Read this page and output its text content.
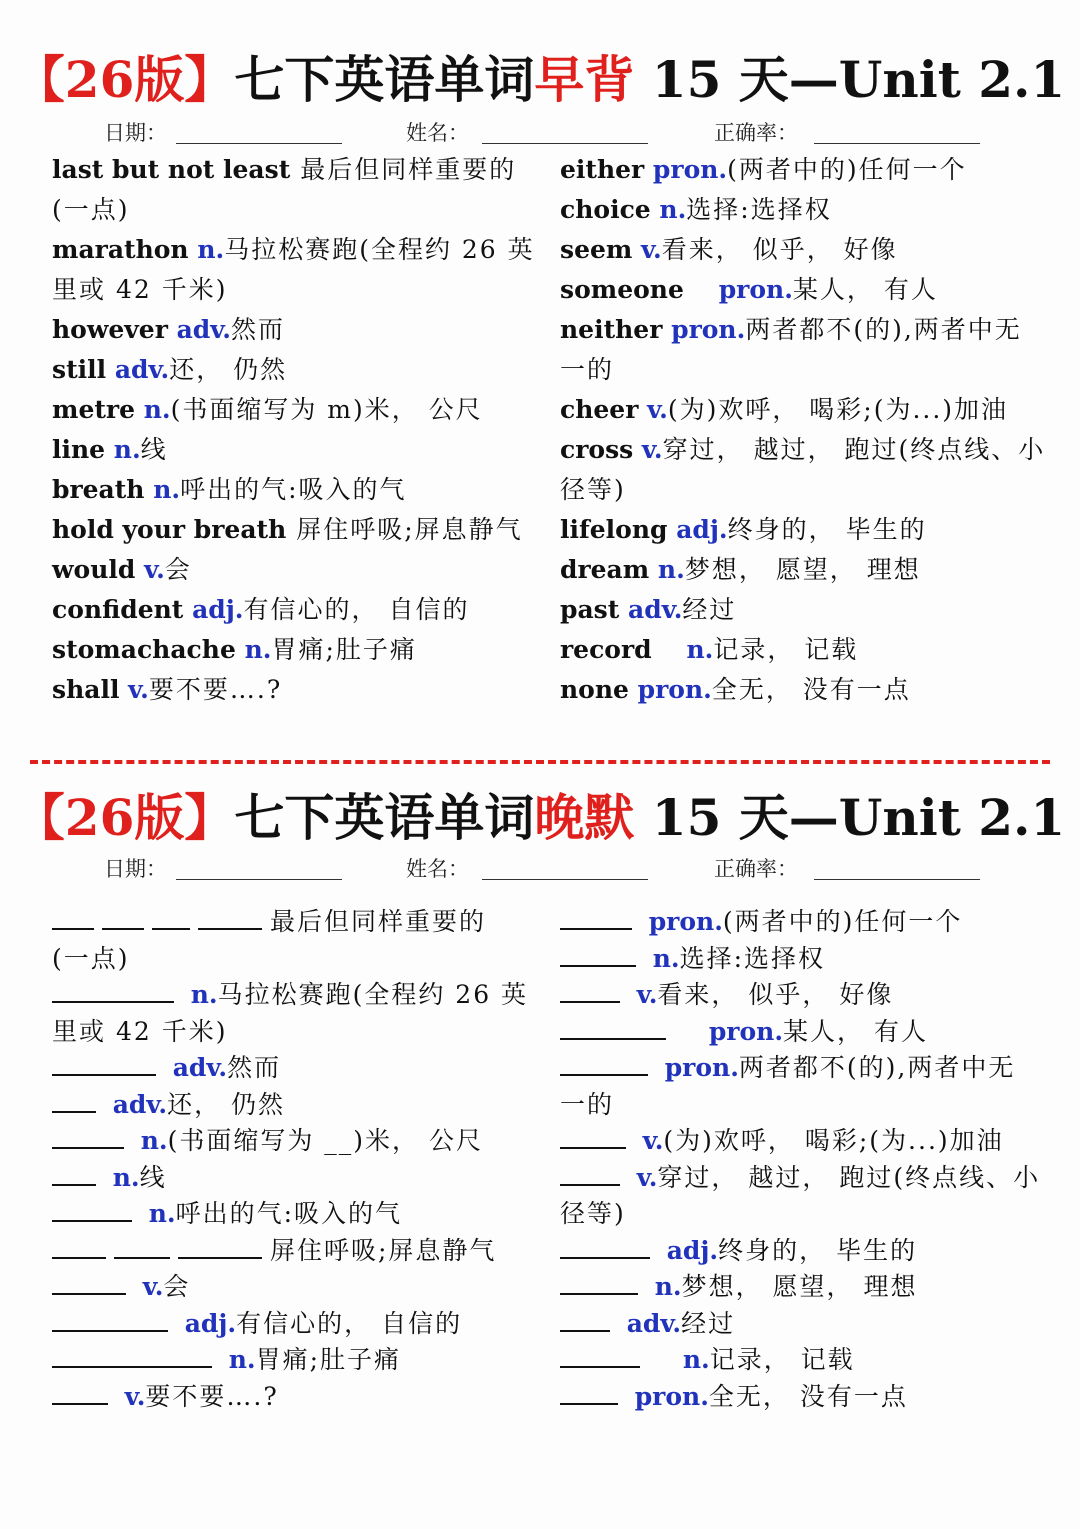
【26版】七下英语单词早背 15 天—Unit 2.1
日期：	姓名：	正确率：
last but not least 最后但同样重要的
(一点)
marathon n.马拉松赛跑(全程约 26 英
里或 42 千米)
however adv.然而
still adv.还， 仍然
metre n.(书面缩写为 m)米， 公尺
line n.线
breath n.呼出的气:吸入的气
hold your breath 屏住呼吸;屏息静气
would v.会
confident adj.有信心的， 自信的
stomachache n.胃痛;肚子痛
shall v.要不要….?
either pron.(两者中的)任何一个
choice n.选择:选择权
seem v.看来， 似乎， 好像
someone    pron.某人， 有人
neither pron.两者都不(的),两者中无
一的
cheer v.(为)欢呼， 喝彩;(为...)加油
cross v.穿过， 越过， 跑过(终点线、小
径等)
lifelong adj.终身的， 毕生的
dream n.梦想， 愿望， 理想
past adv.经过
record    n.记录， 记载
none pron.全无， 没有一点
【26版】七下英语单词晚默 15 天—Unit 2.1
日期：	姓名：	正确率：
最后但同样重要的
(一点)
n.马拉松赛跑(全程约 26 英
里或 42 千米)
adv.然而
adv.还， 仍然
n.(书面缩写为 __)米， 公尺
n.线
n.呼出的气:吸入的气
屏住呼吸;屏息静气
v.会
adj.有信心的， 自信的
n.胃痛;肚子痛
v.要不要….?
pron.(两者中的)任何一个
n.选择:选择权
v.看来， 似乎， 好像
pron.某人， 有人
pron.两者都不(的),两者中无
一的
v.(为)欢呼， 喝彩;(为...)加油
v.穿过， 越过， 跑过(终点线、小
径等)
adj.终身的， 毕生的
n.梦想， 愿望， 理想
adv.经过
n.记录， 记载
pron.全无， 没有一点
